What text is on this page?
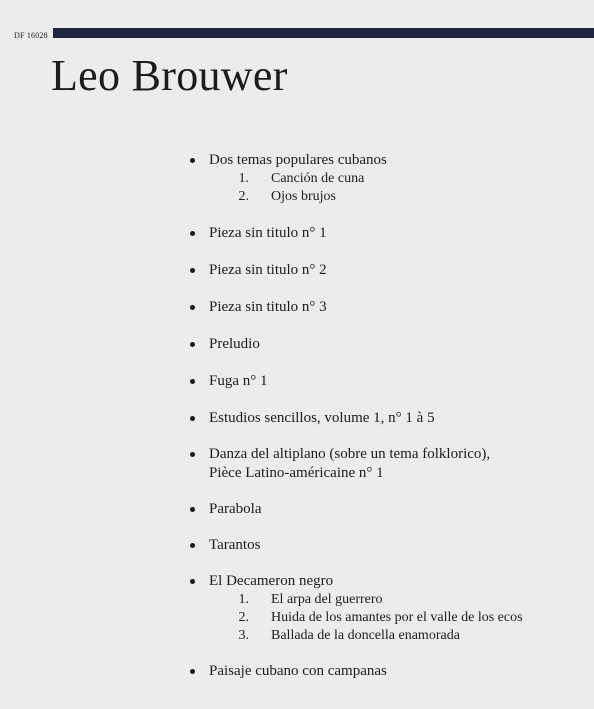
DF 16028
Leo Brouwer
Dos temas populares cubanos
1.	Canción de cuna
2.	Ojos brujos
Pieza sin titulo n° 1
Pieza sin titulo n° 2
Pieza sin titulo n° 3
Preludio
Fuga n° 1
Estudios sencillos, volume 1, n° 1 à 5
Danza del altiplano (sobre un tema folklorico),
Pièce Latino-américaine n° 1
Parabola
Tarantos
El Decameron negro
1.	El arpa del guerrero
2.	Huida de los amantes por el valle de los ecos
3.	Ballada de la doncella enamorada
Paisaje cubano con campanas
